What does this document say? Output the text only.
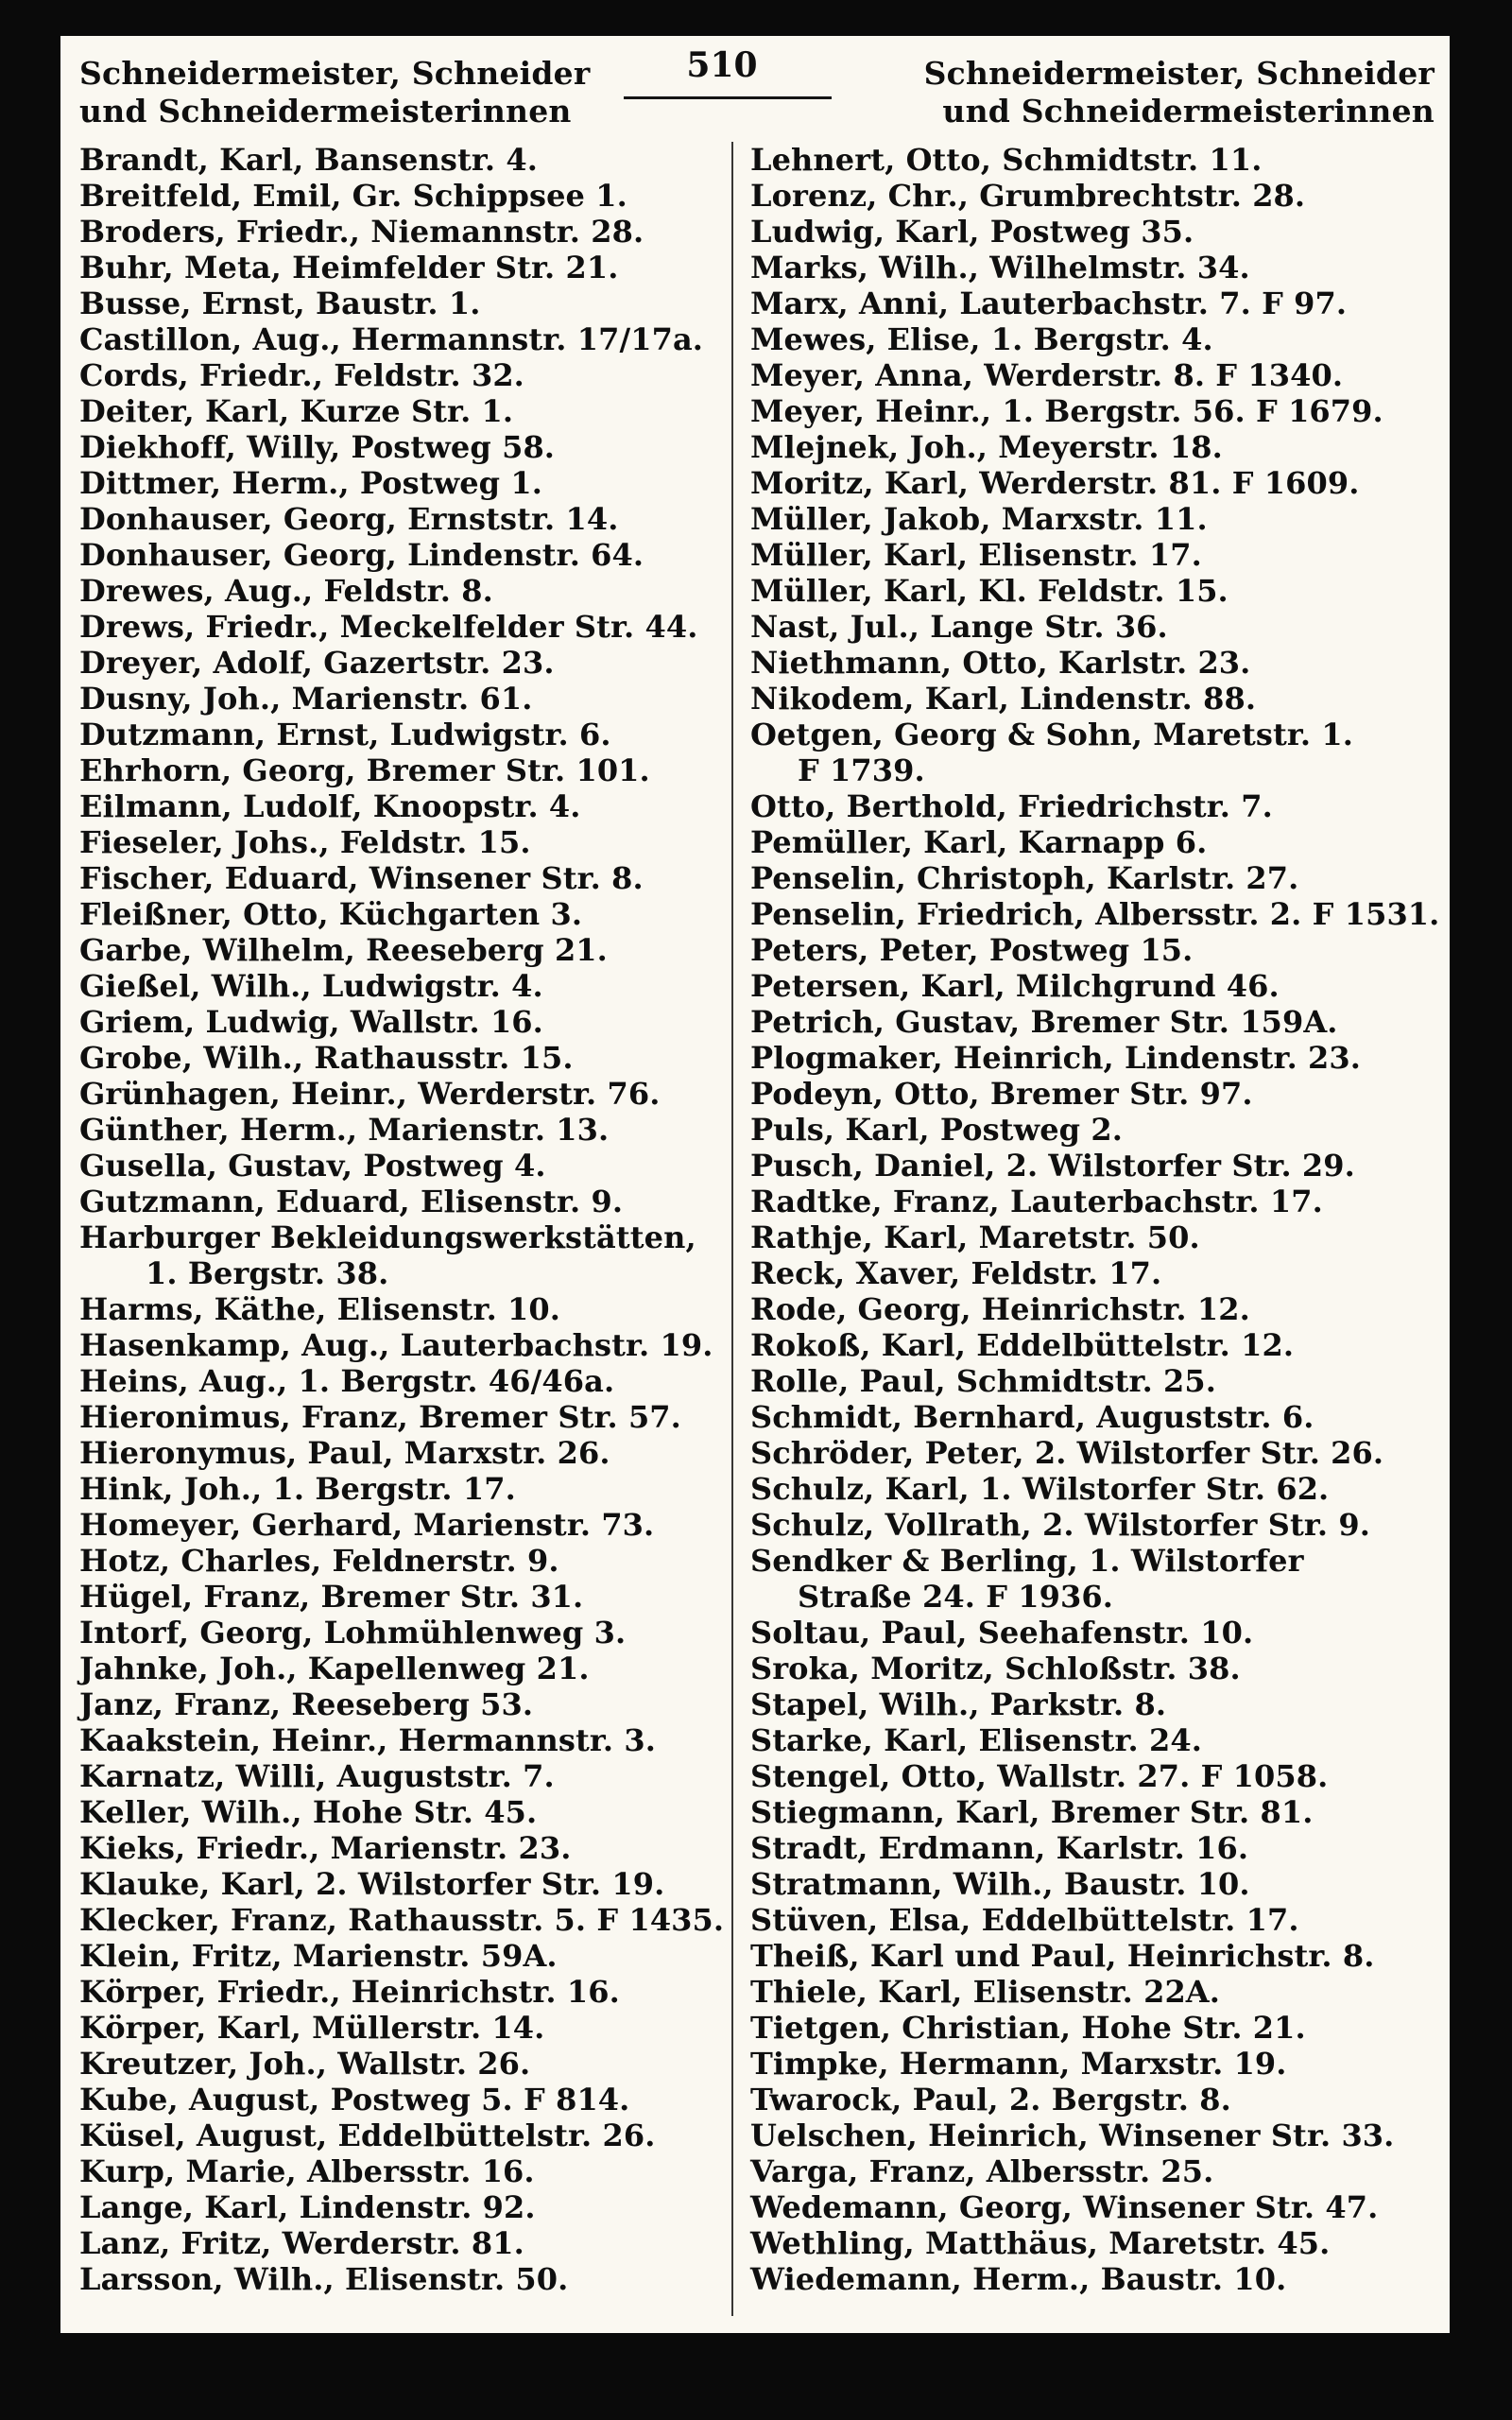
Schneidermeister, Schneider
und Schneidermeisterinnen
510	Schneidermeister, Schneider
und Schneidermeisterinnen
Brandt, Karl, Bansenstr. 4.
Breitfeld, Emil, Gr. Schippsee 1.
Broders, Friedr., Niemannstr. 28.
Buhr, Meta, Heimfelder Str. 21.
Busse, Ernst, Baustr. 1.
Castillon, Aug., Hermannstr. 17/17a.
Cords, Friedr., Feldstr. 32.
Deiter, Karl, Kurze Str. 1.
Diekhoff, Willy, Postweg 58.
Dittmer, Herm., Postweg 1.
Donhauser, Georg, Ernststr. 14.
Donhauser, Georg, Lindenstr. 64.
Drewes, Aug., Feldstr. 8.
Drews, Friedr., Meckelfelder Str. 44.
Dreyer, Adolf, Gazertstr. 23.
Dusny, Joh., Marienstr. 61.
Dutzmann, Ernst, Ludwigstr. 6.
Ehrhorn, Georg, Bremer Str. 101.
Eilmann, Ludolf, Knoopstr. 4.
Fieseler, Johs., Feldstr. 15.
Fischer, Eduard, Winsener Str. 8.
Fleißner, Otto, Küchgarten 3.
Garbe, Wilhelm, Reeseberg 21.
Gießel, Wilh., Ludwigstr. 4.
Griem, Ludwig, Wallstr. 16.
Grobe, Wilh., Rathausstr. 15.
Grünhagen, Heinr., Werderstr. 76.
Günther, Herm., Marienstr. 13.
Gusella, Gustav, Postweg 4.
Gutzmann, Eduard, Elisenstr. 9.
Harburger Bekleidungswerkstätten,
1. Bergstr. 38.
Harms, Käthe, Elisenstr. 10.
Hasenkamp, Aug., Lauterbachstr. 19.
Heins, Aug., 1. Bergstr. 46/46a.
Hieronimus, Franz, Bremer Str. 57.
Hieronymus, Paul, Marxstr. 26.
Hink, Joh., 1. Bergstr. 17.
Homeyer, Gerhard, Marienstr. 73.
Hotz, Charles, Feldnerstr. 9.
Hügel, Franz, Bremer Str. 31.
Intorf, Georg, Lohmühlenweg 3.
Jahnke, Joh., Kapellenweg 21.
Janz, Franz, Reeseberg 53.
Kaakstein, Heinr., Hermannstr. 3.
Karnatz, Willi, Auguststr. 7.
Keller, Wilh., Hohe Str. 45.
Kieks, Friedr., Marienstr. 23.
Klauke, Karl, 2. Wilstorfer Str. 19.
Klecker, Franz, Rathausstr. 5. F 1435.
Klein, Fritz, Marienstr. 59A.
Körper, Friedr., Heinrichstr. 16.
Körper, Karl, Müllerstr. 14.
Kreutzer, Joh., Wallstr. 26.
Kube, August, Postweg 5. F 814.
Küsel, August, Eddelbüttelstr. 26.
Kurp, Marie, Albersstr. 16.
Lange, Karl, Lindenstr. 92.
Lanz, Fritz, Werderstr. 81.
Larsson, Wilh., Elisenstr. 50.
Lehnert, Otto, Schmidtstr. 11.
Lorenz, Chr., Grumbrechtstr. 28.
Ludwig, Karl, Postweg 35.
Marks, Wilh., Wilhelmstr. 34.
Marx, Anni, Lauterbachstr. 7. F 97.
Mewes, Elise, 1. Bergstr. 4.
Meyer, Anna, Werderstr. 8. F 1340.
Meyer, Heinr., 1. Bergstr. 56. F 1679.
Mlejnek, Joh., Meyerstr. 18.
Moritz, Karl, Werderstr. 81. F 1609.
Müller, Jakob, Marxstr. 11.
Müller, Karl, Elisenstr. 17.
Müller, Karl, Kl. Feldstr. 15.
Nast, Jul., Lange Str. 36.
Niethmann, Otto, Karlstr. 23.
Nikodem, Karl, Lindenstr. 88.
Oetgen, Georg & Sohn, Maretstr. 1.
F 1739.
Otto, Berthold, Friedrichstr. 7.
Pemüller, Karl, Karnapp 6.
Penselin, Christoph, Karlstr. 27.
Penselin, Friedrich, Albersstr. 2. F 1531.
Peters, Peter, Postweg 15.
Petersen, Karl, Milchgrund 46.
Petrich, Gustav, Bremer Str. 159A.
Plogmaker, Heinrich, Lindenstr. 23.
Podeyn, Otto, Bremer Str. 97.
Puls, Karl, Postweg 2.
Pusch, Daniel, 2. Wilstorfer Str. 29.
Radtke, Franz, Lauterbachstr. 17.
Rathje, Karl, Maretstr. 50.
Reck, Xaver, Feldstr. 17.
Rode, Georg, Heinrichstr. 12.
Rokoß, Karl, Eddelbüttelstr. 12.
Rolle, Paul, Schmidtstr. 25.
Schmidt, Bernhard, Auguststr. 6.
Schröder, Peter, 2. Wilstorfer Str. 26.
Schulz, Karl, 1. Wilstorfer Str. 62.
Schulz, Vollrath, 2. Wilstorfer Str. 9.
Sendker & Berling, 1. Wilstorfer
Straße 24. F 1936.
Soltau, Paul, Seehafenstr. 10.
Sroka, Moritz, Schloßstr. 38.
Stapel, Wilh., Parkstr. 8.
Starke, Karl, Elisenstr. 24.
Stengel, Otto, Wallstr. 27. F 1058.
Stiegmann, Karl, Bremer Str. 81.
Stradt, Erdmann, Karlstr. 16.
Stratmann, Wilh., Baustr. 10.
Stüven, Elsa, Eddelbüttelstr. 17.
Theiß, Karl und Paul, Heinrichstr. 8.
Thiele, Karl, Elisenstr. 22A.
Tietgen, Christian, Hohe Str. 21.
Timpke, Hermann, Marxstr. 19.
Twarock, Paul, 2. Bergstr. 8.
Uelschen, Heinrich, Winsener Str. 33.
Varga, Franz, Albersstr. 25.
Wedemann, Georg, Winsener Str. 47.
Wethling, Matthäus, Maretstr. 45.
Wiedemann, Herm., Baustr. 10.
